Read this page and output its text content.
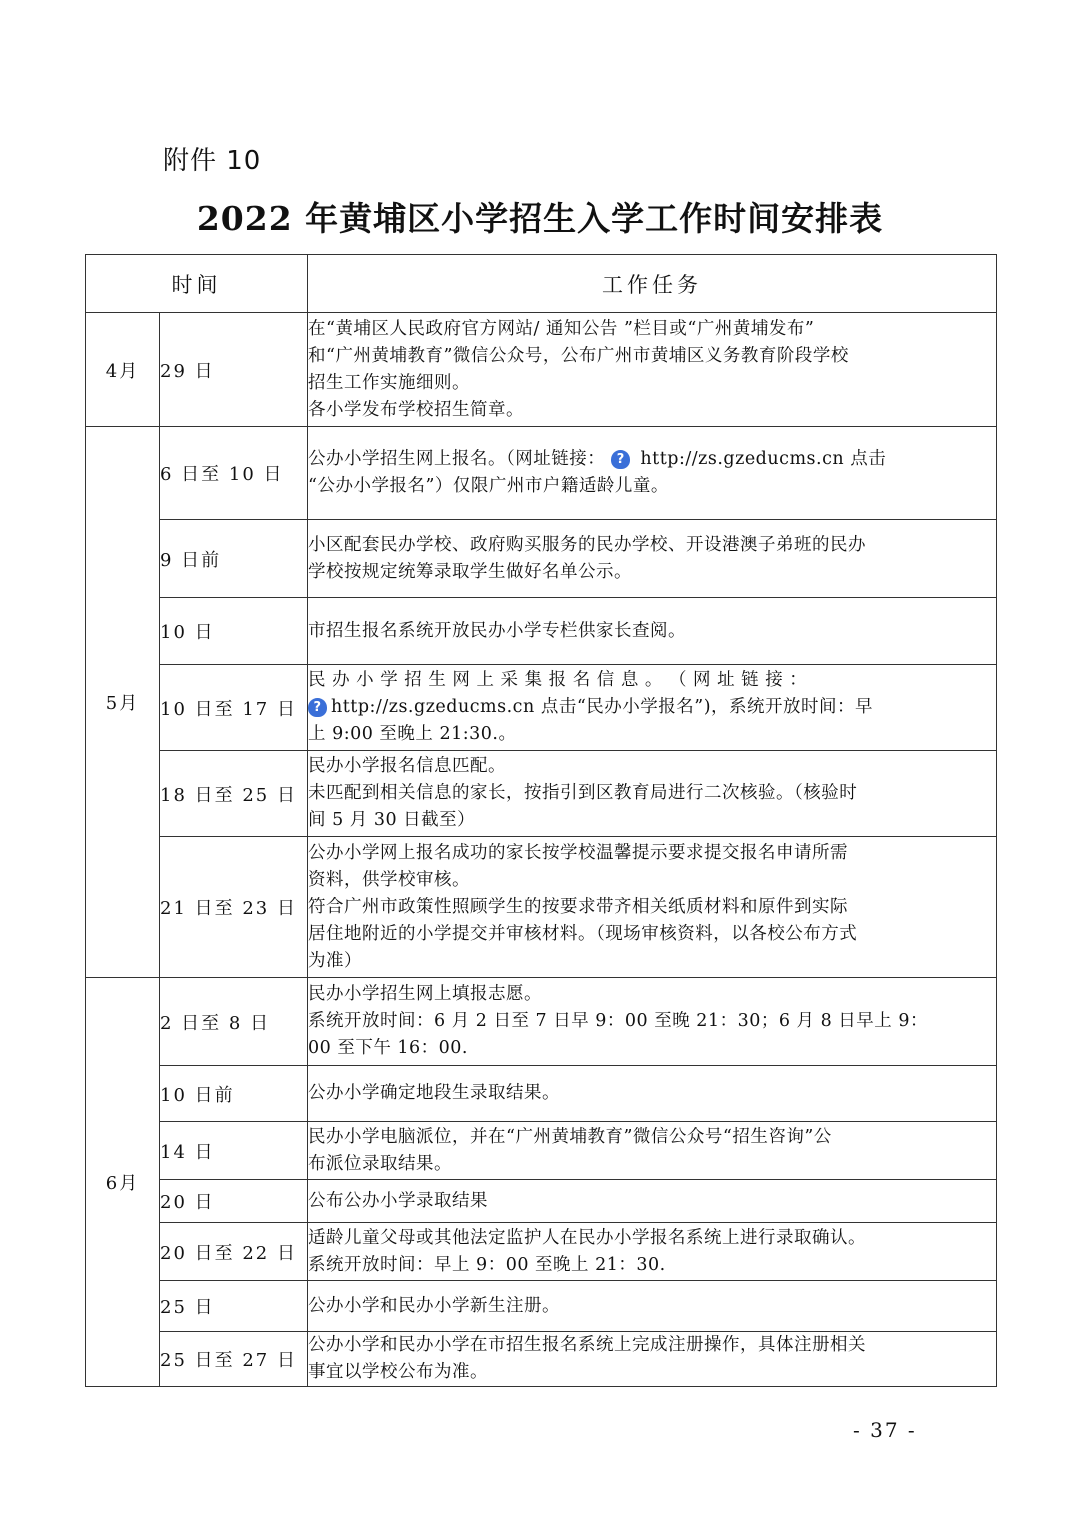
附件 10
2022 年黄埔区小学招生入学工作时间安排表
时间		工作任务
4月	29 日	在“黄埔区人民政府官方网站/ 通知公告 ”栏目或“广州黄埔发布”
和“广州黄埔教育”微信公众号，公布广州市黄埔区义务教育阶段学校
招生工作实施细则。
各小学发布学校招生简章。

5月	6 日至 10 日	公办小学招生网上报名。（网址链接： ? http://zs.gzeducms.cn 点击
“公办小学报名”）仅限广州市户籍适龄儿童。

	9 日前	小区配套民办学校、政府购买服务的民办学校、开设港澳子弟班的民办
学校按规定统筹录取学生做好名单公示。

	10 日	市招生报名系统开放民办小学专栏供家长查阅。

	10 日至 17 日	民 办 小 学 招 生 网 上 采 集 报 名 信 息 。 （ 网 址 链 接 ：
? http://zs.gzeducms.cn 点击“民办小学报名”)，系统开放时间：早
上 9:00 至晚上 21:30.。

	18 日至 25 日	民办小学报名信息匹配。
未匹配到相关信息的家长，按指引到区教育局进行二次核验。（核验时
间 5 月 30 日截至）

	21 日至 23 日	公办小学网上报名成功的家长按学校温馨提示要求提交报名申请所需
资料，供学校审核。
符合广州市政策性照顾学生的按要求带齐相关纸质材料和原件到实际
居住地附近的小学提交并审核材料。（现场审核资料，以各校公布方式
为准）

6月	2 日至 8 日	民办小学招生网上填报志愿。
系统开放时间：6 月 2 日至 7 日早 9：00 至晚 21：30；6 月 8 日早上 9：
00 至下午 16：00.

	10 日前	公办小学确定地段生录取结果。

	14 日	民办小学电脑派位，并在“广州黄埔教育”微信公众号“招生咨询”公
布派位录取结果。

	20 日	公布公办小学录取结果

	20 日至 22 日	适龄儿童父母或其他法定监护人在民办小学报名系统上进行录取确认。
系统开放时间：早上 9：00 至晚上 21：30.

	25 日	公办小学和民办小学新生注册。

	25 日至 27 日	公办小学和民办小学在市招生报名系统上完成注册操作，具体注册相关
事宜以学校公布为准。
- 37 -
